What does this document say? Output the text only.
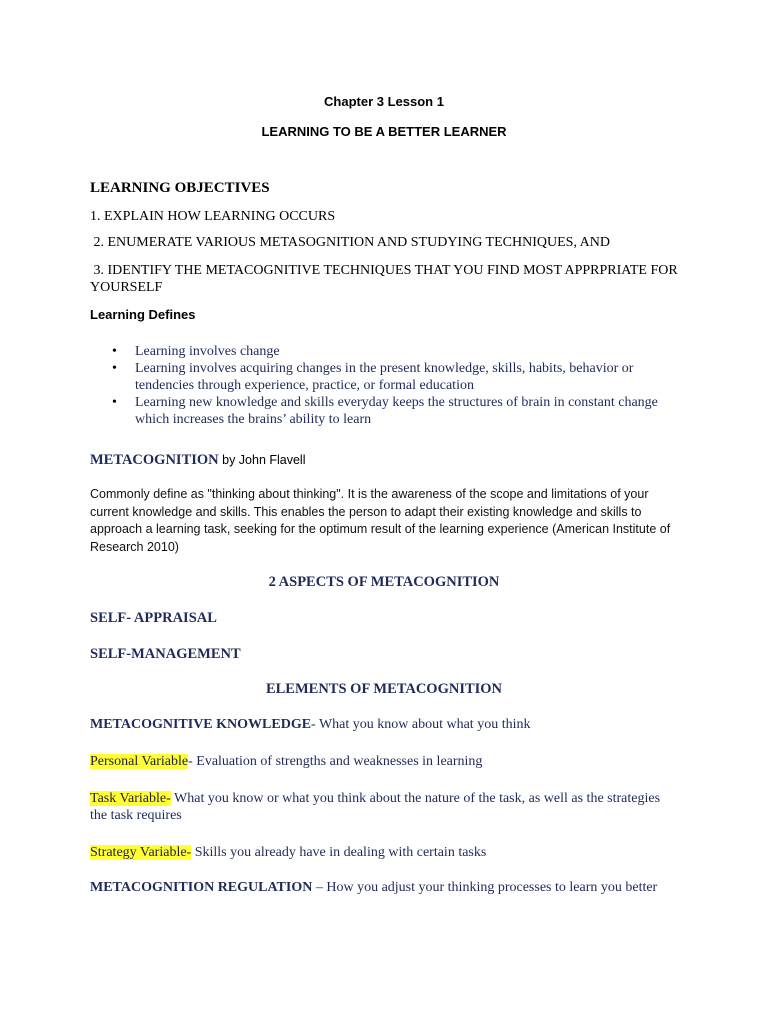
Chapter 3 Lesson 1
LEARNING TO BE A BETTER LEARNER
LEARNING OBJECTIVES
1. EXPLAIN HOW LEARNING OCCURS
2. ENUMERATE VARIOUS METASOGNITION AND STUDYING TECHNIQUES, AND
3. IDENTIFY THE METACOGNITIVE TECHNIQUES THAT YOU FIND MOST APPRPRIATE FOR YOURSELF
Learning Defines
• Learning involves change
• Learning involves acquiring changes in the present knowledge, skills, habits, behavior or tendencies through experience, practice, or formal education
• Learning new knowledge and skills everyday keeps the structures of brain in constant change which increases the brains’ ability to learn
METACOGNITION by John Flavell
Commonly define as "thinking about thinking". It is the awareness of the scope and limitations of your current knowledge and skills. This enables the person to adapt their existing knowledge and skills to approach a learning task, seeking for the optimum result of the learning experience (American Institute of Research 2010)
2 ASPECTS OF METACOGNITION
SELF- APPRAISAL
SELF-MANAGEMENT
ELEMENTS OF METACOGNITION
METACOGNITIVE KNOWLEDGE- What you know about what you think
Personal Variable- Evaluation of strengths and weaknesses in learning
Task Variable- What you know or what you think about the nature of the task, as well as the strategies the task requires
Strategy Variable- Skills you already have in dealing with certain tasks
METACOGNITION REGULATION – How you adjust your thinking processes to learn you better
